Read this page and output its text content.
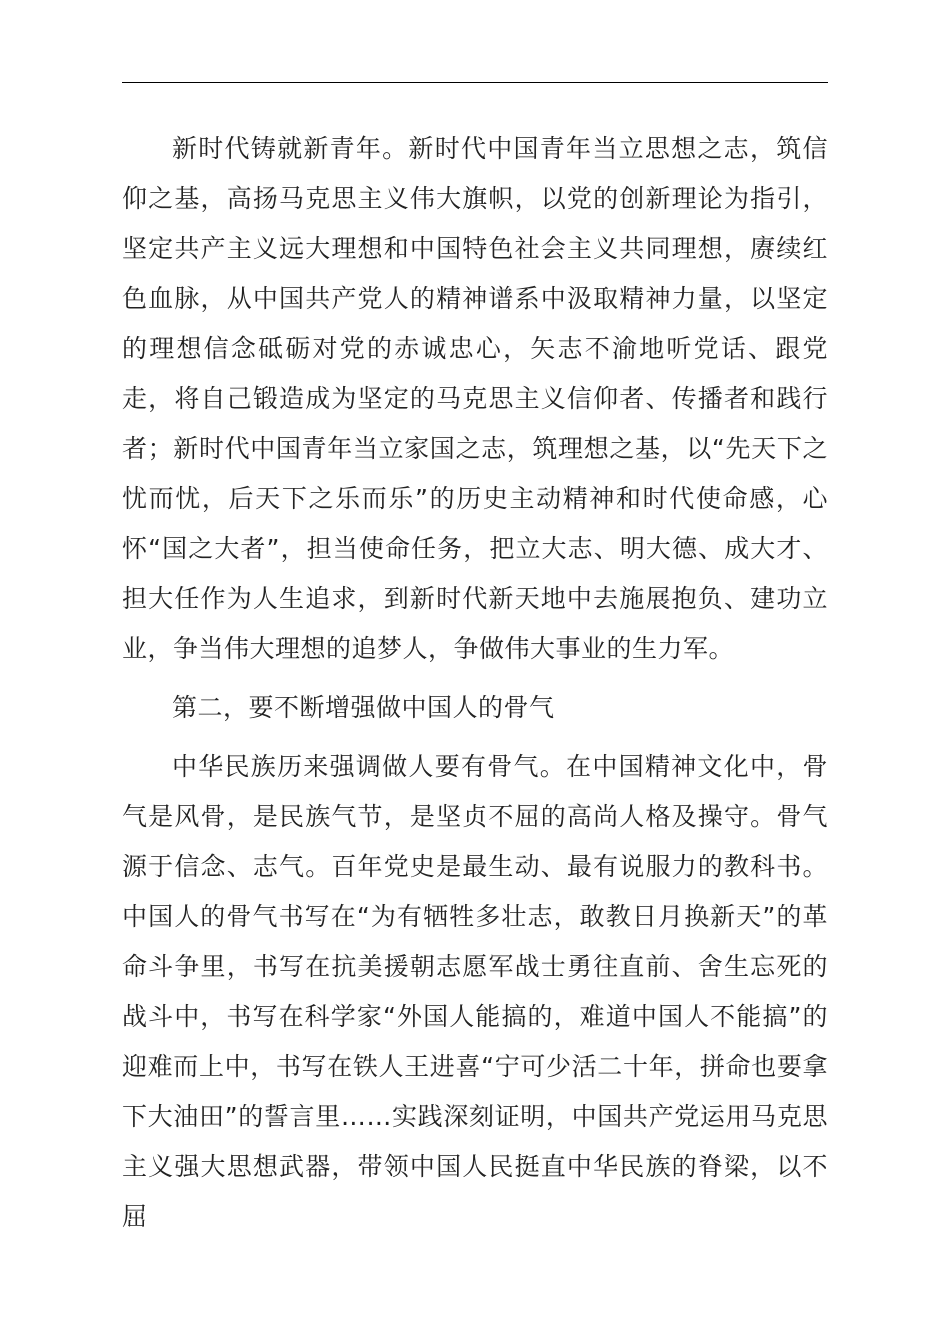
新时代铸就新青年。新时代中国青年当立思想之志，筑信仰之基，高扬马克思主义伟大旗帜，以党的创新理论为指引，坚定共产主义远大理想和中国特色社会主义共同理想，赓续红色血脉，从中国共产党人的精神谱系中汲取精神力量，以坚定的理想信念砥砺对党的赤诚忠心，矢志不渝地听党话、跟党走，将自己锻造成为坚定的马克思主义信仰者、传播者和践行者；新时代中国青年当立家国之志，筑理想之基，以“先天下之忧而忧，后天下之乐而乐”的历史主动精神和时代使命感，心怀“国之大者”，担当使命任务，把立大志、明大德、成大才、担大任作为人生追求，到新时代新天地中去施展抱负、建功立业，争当伟大理想的追梦人，争做伟大事业的生力军。

第二，要不断增强做中国人的骨气

中华民族历来强调做人要有骨气。在中国精神文化中，骨气是风骨，是民族气节，是坚贞不屈的高尚人格及操守。骨气源于信念、志气。百年党史是最生动、最有说服力的教科书。中国人的骨气书写在“为有牺牲多壮志，敢教日月换新天”的革命斗争里，书写在抗美援朝志愿军战士勇往直前、舍生忘死的战斗中，书写在科学家“外国人能搞的，难道中国人不能搞”的迎难而上中，书写在铁人王进喜“宁可少活二十年，拼命也要拿下大油田”的誓言里……实践深刻证明，中国共产党运用马克思主义强大思想武器，带领中国人民挺直中华民族的脊梁，以不屈
